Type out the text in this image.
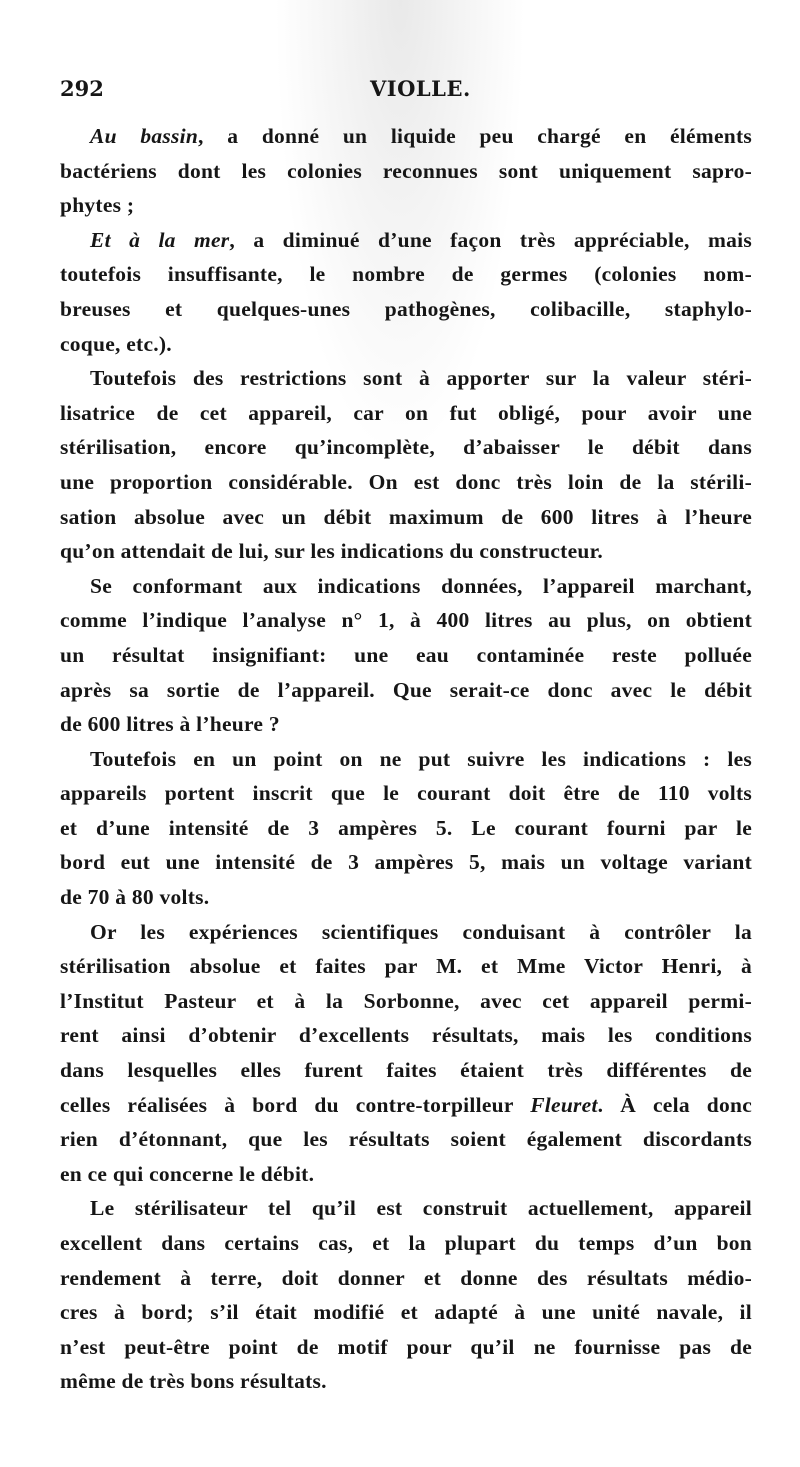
292	VIOLLE.
Au bassin, a donné un liquide peu chargé en éléments
bactériens dont les colonies reconnues sont uniquement sapro-
phytes ;
Et à la mer, a diminué d’une façon très appréciable, mais
toutefois insuffisante, le nombre de germes (colonies nom-
breuses et quelques-unes pathogènes, colibacille, staphylo-
coque, etc.).
Toutefois des restrictions sont à apporter sur la valeur stéri-
lisatrice de cet appareil, car on fut obligé, pour avoir une
stérilisation, encore qu’incomplète, d’abaisser le débit dans
une proportion considérable. On est donc très loin de la stérili-
sation absolue avec un débit maximum de 600 litres à l’heure
qu’on attendait de lui, sur les indications du constructeur.
Se conformant aux indications données, l’appareil marchant,
comme l’indique l’analyse n° 1, à 400 litres au plus, on obtient
un résultat insignifiant: une eau contaminée reste polluée
après sa sortie de l’appareil. Que serait-ce donc avec le débit
de 600 litres à l’heure ?
Toutefois en un point on ne put suivre les indications : les
appareils portent inscrit que le courant doit être de 110 volts
et d’une intensité de 3 ampères 5. Le courant fourni par le
bord eut une intensité de 3 ampères 5, mais un voltage variant
de 70 à 80 volts.
Or les expériences scientifiques conduisant à contrôler la
stérilisation absolue et faites par M. et Mme Victor Henri, à
l’Institut Pasteur et à la Sorbonne, avec cet appareil permi-
rent ainsi d’obtenir d’excellents résultats, mais les conditions
dans lesquelles elles furent faites étaient très différentes de
celles réalisées à bord du contre-torpilleur Fleuret. À cela donc
rien d’étonnant, que les résultats soient également discordants
en ce qui concerne le débit.
Le stérilisateur tel qu’il est construit actuellement, appareil
excellent dans certains cas, et la plupart du temps d’un bon
rendement à terre, doit donner et donne des résultats médio-
cres à bord; s’il était modifié et adapté à une unité navale, il
n’est peut-être point de motif pour qu’il ne fournisse pas de
même de très bons résultats.
